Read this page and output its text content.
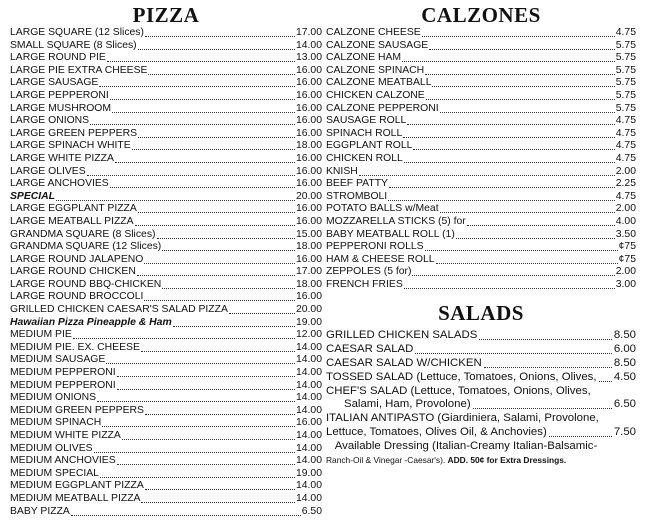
PIZZA
LARGE SQUARE (12 Slices)	17.00
SMALL SQUARE (8 Slices)	14.00
LARGE ROUND PIE	13.00
LARGE PIE EXTRA CHEESE	16.00
LARGE SAUSAGE	16.00
LARGE PEPPERONI	16.00
LARGE MUSHROOM	16.00
LARGE ONIONS	16.00
LARGE GREEN PEPPERS	16.00
LARGE SPINACH WHITE	18.00
LARGE WHITE PIZZA	16.00
LARGE OLIVES	16.00
LARGE ANCHOVIES	16.00
SPECIAL	20.00
LARGE EGGPLANT PIZZA	16.00
LARGE MEATBALL PIZZA	16.00
GRANDMA SQUARE (8 Slices)	15.00
GRANDMA SQUARE (12 Slices)	18.00
LARGE ROUND JALAPENO	16.00
LARGE ROUND CHICKEN	17.00
LARGE ROUND BBQ-CHICKEN	18.00
LARGE ROUND BROCCOLI	16.00
GRILLED CHICKEN CAESAR'S SALAD PIZZA	20.00
Hawaiian Pizza Pineapple & Ham	19.00
MEDIUM PIE	12.00
MEDIUM PIE. EX. CHEESE	14.00
MEDIUM SAUSAGE	14.00
MEDIUM PEPPERONI	14.00
MEDIUM PEPPERONI	14.00
MEDIUM ONIONS	14.00
MEDIUM GREEN PEPPERS	14.00
MEDIUM SPINACH	16.00
MEDIUM WHITE PIZZA	14.00
MEDIUM OLIVES	14.00
MEDIUM ANCHOVIES	14.00
MEDIUM SPECIAL	19.00
MEDIUM EGGPLANT PIZZA	14.00
MEDIUM MEATBALL PIZZA	14.00
BABY PIZZA	6.50
CALZONES
CALZONE CHEESE	4.75
CALZONE SAUSAGE	5.75
CALZONE HAM	5.75
CALZONE SPINACH	5.75
CALZONE MEATBALL	5.75
CHICKEN CALZONE	5.75
CALZONE PEPPERONI	5.75
SAUSAGE ROLL	4.75
SPINACH ROLL	4.75
EGGPLANT ROLL	4.75
CHICKEN ROLL	4.75
KNISH	2.00
BEEF PATTY	2.25
STROMBOLI	4.75
POTATO BALLS w/Meat	2.00
MOZZARELLA STICKS (5) for	4.00
BABY MEATBALL ROLL (1)	3.50
PEPPERONI ROLLS	¢75
HAM & CHEESE ROLL	¢75
ZEPPOLES (5 for)	2.00
FRENCH FRIES	3.00
SALADS
GRILLED CHICKEN SALADS	8.50
CAESAR SALAD	6.00
CAESAR SALAD W/CHICKEN	8.50
TOSSED SALAD (Lettuce, Tomatoes, Onions, Olives, 4.50
CHEF'S SALAD (Lettuce, Tomatoes, Onions, Olives,
Salami, Ham, Provolone)	6.50
ITALIAN ANTIPASTO (Giardiniera, Salami, Provolone,
Lettuce, Tomatoes, Olives Oil, & Anchovies)	7.50
Available Dressing (Italian-Creamy Italian-Balsamic-
Ranch-Oil & Vinegar -Caesar's). ADD. 50¢ for Extra Dressings.
